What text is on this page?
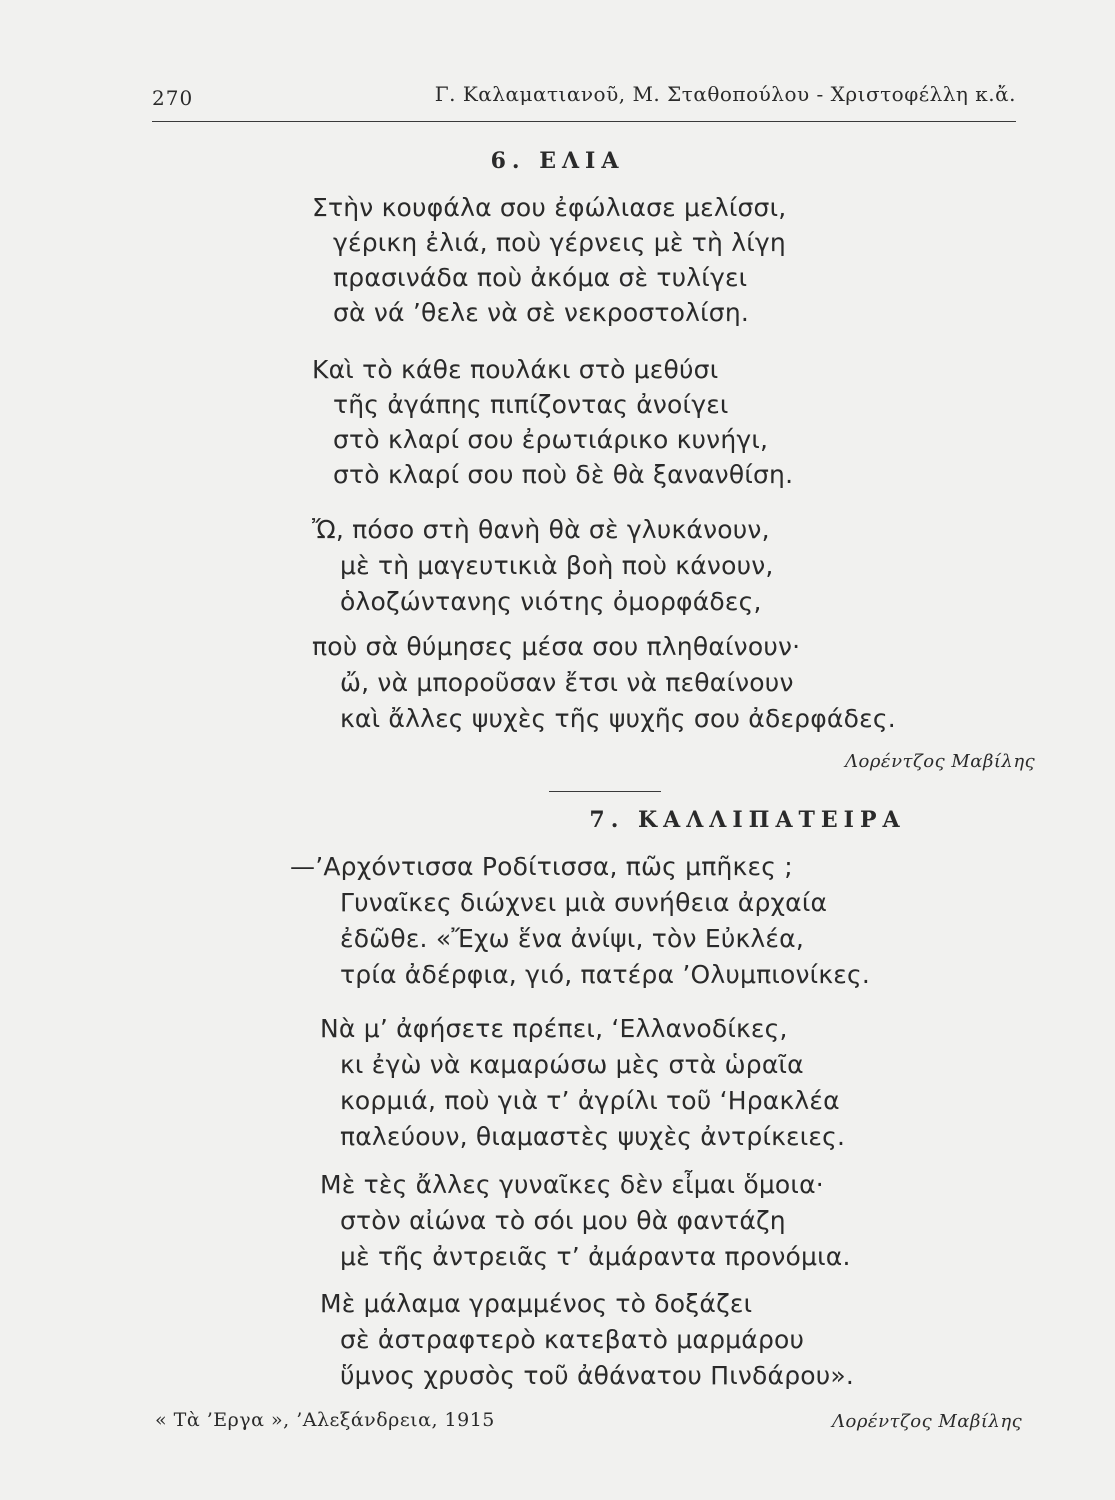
270	Γ. Καλαματιανοῦ, Μ. Σταθοπούλου - Χριστοφέλλη κ.ἄ.
6. ΕΛΙΑ
Στὴν κουφάλα σου ἐφώλιασε μελίσσι,
γέρικη ἐλιά, ποὺ γέρνεις μὲ τὴ λίγη
πρασινάδα ποὺ ἀκόμα σὲ τυλίγει
σὰ νά ’θελε νὰ σὲ νεκροστολίση.
Καὶ τὸ κάθε πουλάκι στὸ μεθύσι
τῆς ἀγάπης πιπίζοντας ἀνοίγει
στὸ κλαρί σου ἐρωτιάρικο κυνήγι,
στὸ κλαρί σου ποὺ δὲ θὰ ξανανθίση.
Ὤ, πόσο στὴ θανὴ θὰ σὲ γλυκάνουν,
μὲ τὴ μαγευτικιὰ βοὴ ποὺ κάνουν,
ὁλοζώντανης νιότης ὀμορφάδες,
ποὺ σὰ θύμησες μέσα σου πληθαίνουν·
ὤ, νὰ μποροῦσαν ἔτσι νὰ πεθαίνουν
καὶ ἄλλες ψυχὲς τῆς ψυχῆς σου ἀδερφάδες.
Λορέντζος Μαβίλης
7. ΚΑΛΛΙΠΑΤΕΙΡΑ
—’Αρχόντισσα Ροδίτισσα, πῶς μπῆκες ;
Γυναῖκες διώχνει μιὰ συνήθεια ἀρχαία
ἐδῶθε. «Ἔχω ἕνα ἀνίψι, τὸν Εὐκλέα,
τρία ἀδέρφια, γιό, πατέρα ’Ολυμπιονίκες.
Νὰ μ’ ἀφήσετε πρέπει, ‘Ελλανοδίκες,
κι ἐγὼ νὰ καμαρώσω μὲς στὰ ὡραῖα
κορμιά, ποὺ γιὰ τ’ ἀγρίλι τοῦ ‘Ηρακλέα
παλεύουν, θιαμαστὲς ψυχὲς ἀντρίκειες.
Μὲ τὲς ἄλλες γυναῖκες δὲν εἶμαι ὅμοια·
στὸν αἰώνα τὸ σόι μου θὰ φαντάζη
μὲ τῆς ἀντρειᾶς τ’ ἀμάραντα προνόμια.
Μὲ μάλαμα γραμμένος τὸ δοξάζει
σὲ ἀστραφτερὸ κατεβατὸ μαρμάρου
ὕμνος χρυσὸς τοῦ ἀθάνατου Πινδάρου».
« Τὰ ’Εργα », ’Αλεξάνδρεια, 1915	Λορέντζος Μαβίλης
